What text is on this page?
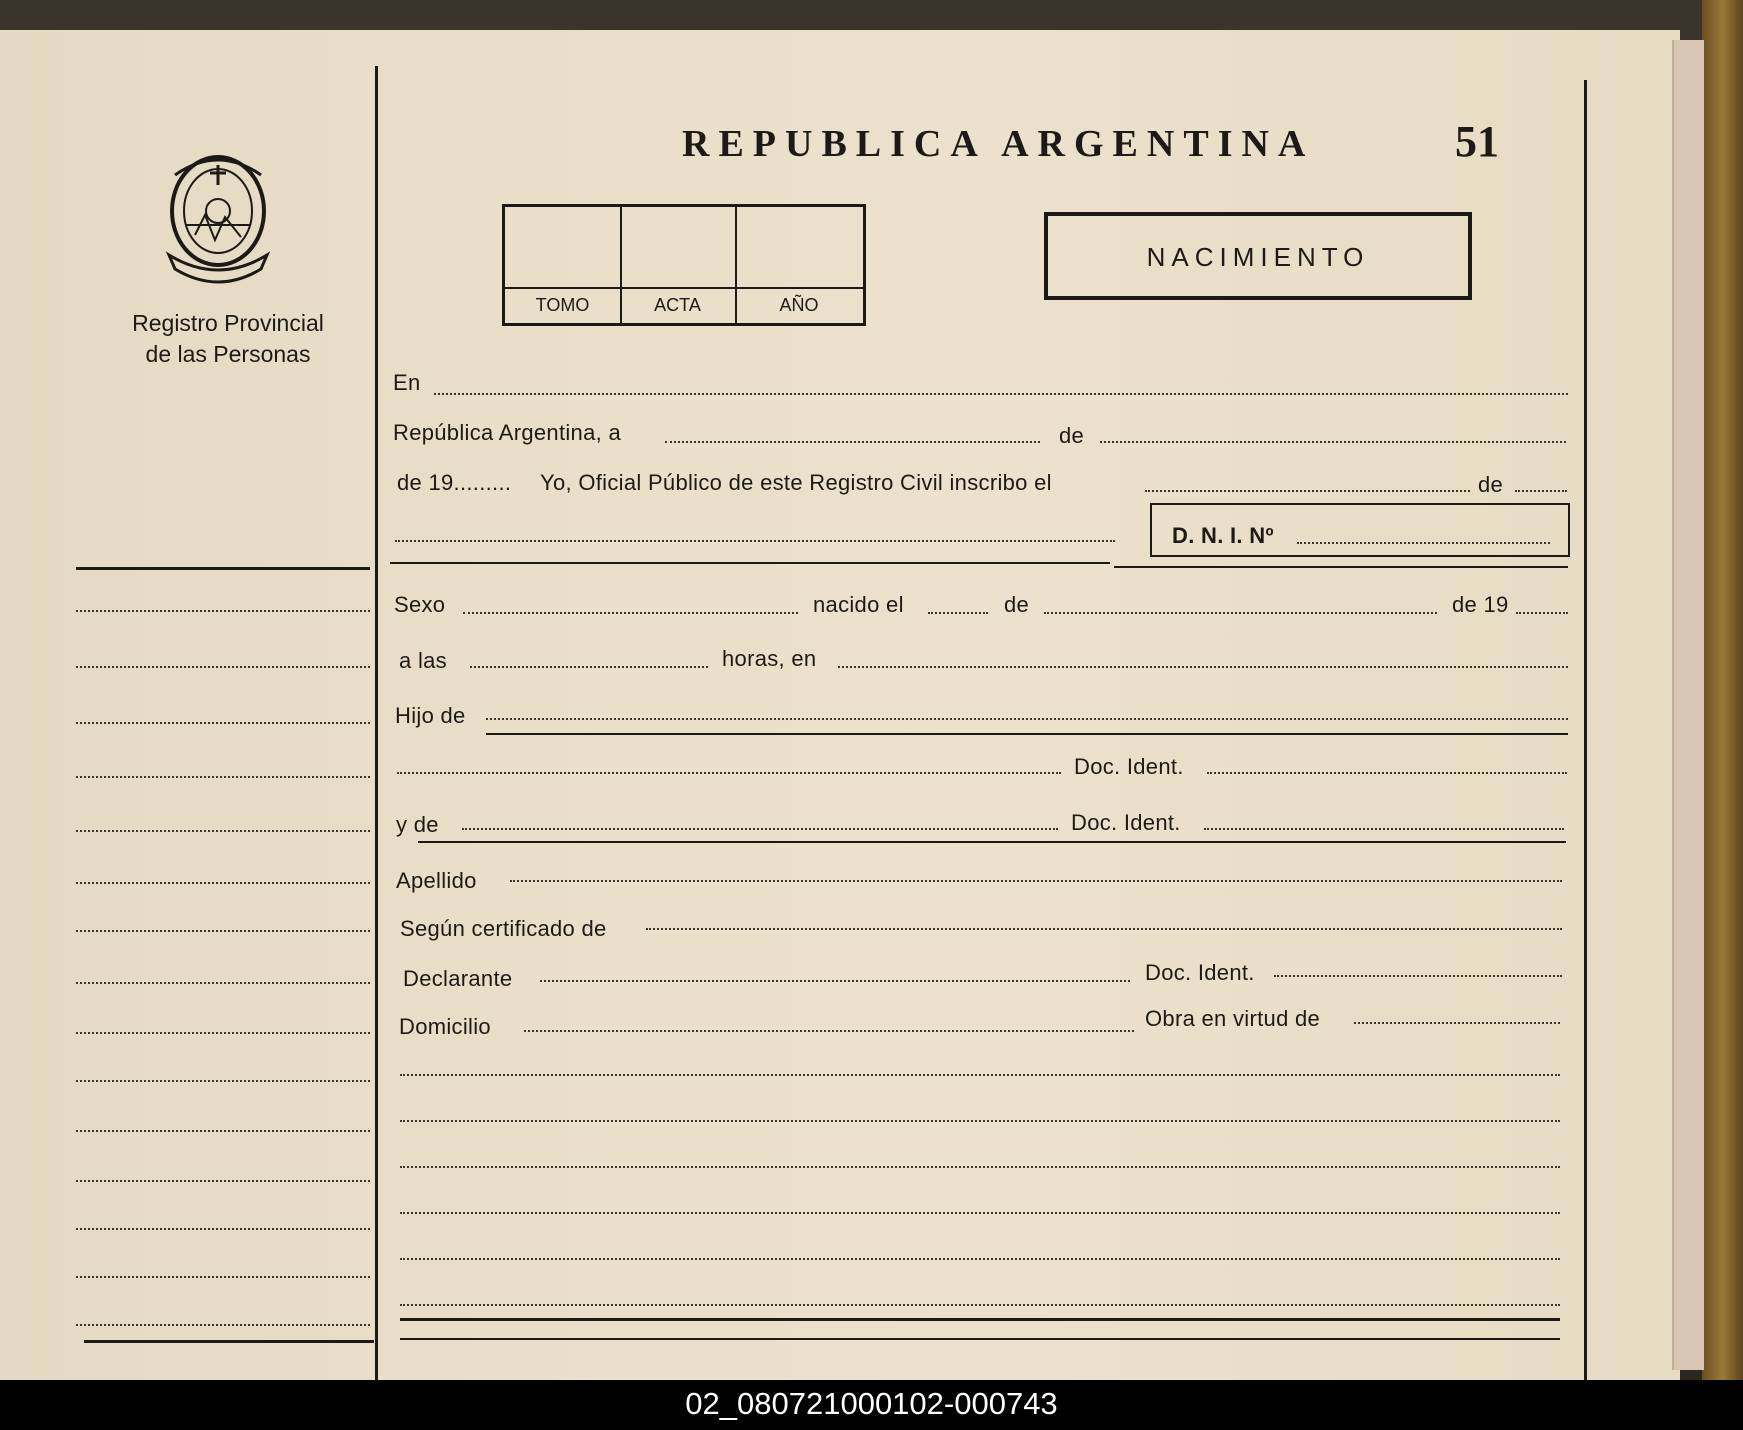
Registro Provincial
de las Personas
REPUBLICA ARGENTINA	51
TOMO	ACTA	AÑO
NACIMIENTO
En
República Argentina, a	de
de 19......... Yo, Oficial Público de este Registro Civil inscribo el	de
D. N. I. Nº
Sexo	nacido el	de	de 19
a las	horas, en
Hijo de
Doc. Ident.
y de	Doc. Ident.
Apellido
Según certificado de
Declarante	Doc. Ident.
Domicilio	Obra en virtud de
02_080721000102-000743
